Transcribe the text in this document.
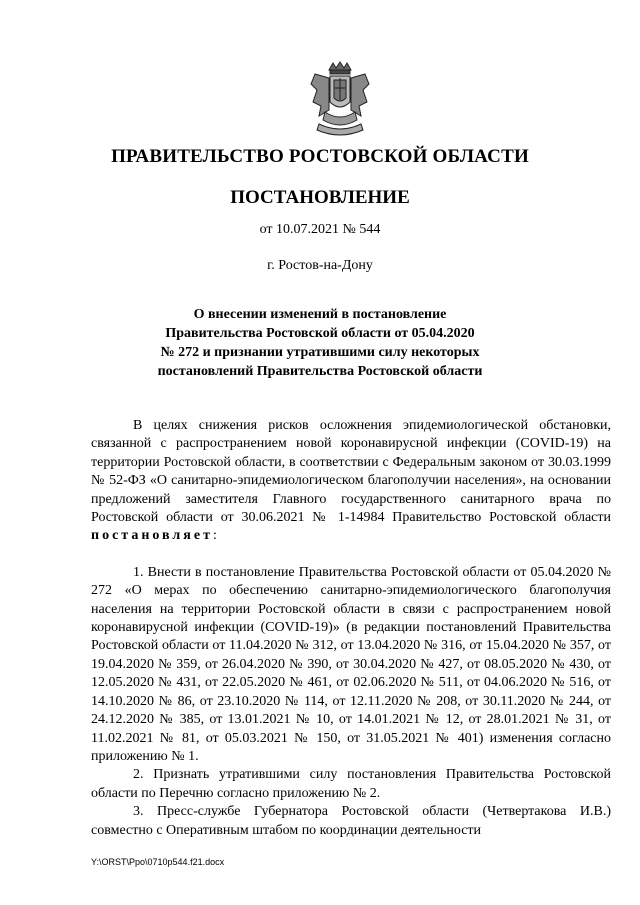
ПРАВИТЕЛЬСТВО РОСТОВСКОЙ ОБЛАСТИ
ПОСТАНОВЛЕНИЕ
от 10.07.2021 № 544
г. Ростов-на-Дону
О внесении изменений в постановление
Правительства Ростовской области от 05.04.2020
№ 272 и признании утратившими силу некоторых
постановлений Правительства Ростовской области

В целях снижения рисков осложнения эпидемиологической обстановки, связанной с распространением новой коронавирусной инфекции (COVID-19) на территории Ростовской области, в соответствии с Федеральным законом от 30.03.1999 № 52-ФЗ «О санитарно-эпидемиологическом благополучии населения», на основании предложений заместителя Главного государственного санитарного врача по Ростовской области от 30.06.2021 № 1-14984 Правительство Ростовской области постановляет:

1. Внести в постановление Правительства Ростовской области от 05.04.2020 № 272 «О мерах по обеспечению санитарно-эпидемиологического благополучия населения на территории Ростовской области в связи с распространением новой коронавирусной инфекции (COVID-19)» (в редакции постановлений Правительства Ростовской области от 11.04.2020 № 312, от 13.04.2020 № 316, от 15.04.2020 № 357, от 19.04.2020 № 359, от 26.04.2020 № 390, от 30.04.2020 № 427, от 08.05.2020 № 430, от 12.05.2020 № 431, от 22.05.2020 № 461, от 02.06.2020 № 511, от 04.06.2020 № 516, от 14.10.2020 № 86, от 23.10.2020 № 114, от 12.11.2020 № 208, от 30.11.2020 № 244, от 24.12.2020 № 385, от 13.01.2021 № 10, от 14.01.2021 № 12, от 28.01.2021 № 31, от 11.02.2021 № 81, от 05.03.2021 № 150, от 31.05.2021 № 401) изменения согласно приложению № 1.

2. Признать утратившими силу постановления Правительства Ростовской области по Перечню согласно приложению № 2.

3. Пресс-службе Губернатора Ростовской области (Четвертакова И.В.) совместно с Оперативным штабом по координации деятельности

Y:\ORST\Ppo\0710p544.f21.docx
